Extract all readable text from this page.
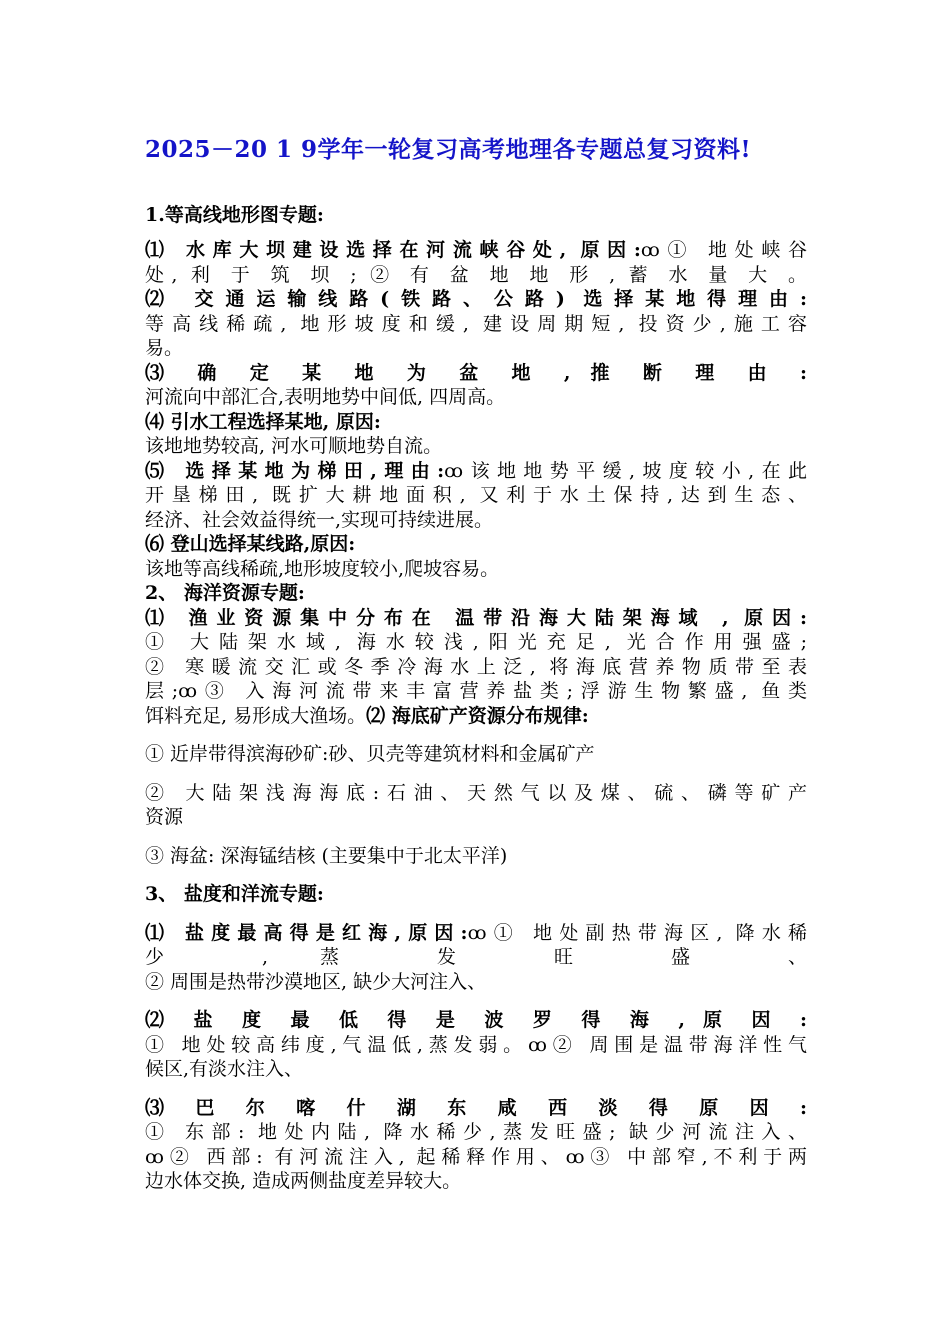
2025－20 1 9学年一轮复习高考地理各专题总复习资料!
1.等高线地形图专题:

⑴ 水库大坝建设选择在河流峡谷处, 原因:ꝏ① 地处峡谷

处, 利 于 筑 坝 ; ② 有 盆 地 地 形 , 蓄 水 量 大 。

⑵ 交通运输线路(铁路、公路) 选择某地得理由:

等高线稀疏, 地形坡度和缓, 建设周期短, 投资少,施工容

易。

⑶ 确 定 某 地 为 盆 地 , 推 断 理 由 :

河流向中部汇合,表明地势中间低, 四周高。

⑷ 引水工程选择某地, 原因:

该地地势较高, 河水可顺地势自流。

⑸ 选择某地为梯田,理由:ꝏ该地地势平缓,坡度较小,在此

开垦梯田, 既扩大耕地面积, 又利于水土保持,达到生态、

经济、社会效益得统一,实现可持续进展。

⑹ 登山选择某线路,原因:

该地等高线稀疏,地形坡度较小,爬坡容易。

2、 海洋资源专题:

⑴ 渔业资源集中分布在 温带沿海大陆架海域 , 原因:

① 大陆架水域, 海水较浅,阳光充足, 光合作用强盛;

② 寒暖流交汇或冬季冷海水上泛, 将海底营养物质带至表

层;ꝏ③ 入海河流带来丰富营养盐类;浮游生物繁盛, 鱼类

饵料充足, 易形成大渔场。⑵ 海底矿产资源分布规律:

① 近岸带得滨海砂矿:砂、贝壳等建筑材料和金属矿产

② 大陆架浅海海底:石油、天然气以及煤、硫、磷等矿产

资源

③ 海盆: 深海锰结核 (主要集中于北太平洋)

3、 盐度和洋流专题:

⑴ 盐度最高得是红海,原因:ꝏ① 地处副热带海区, 降水稀

少 , 蒸 发 旺 盛 、

② 周围是热带沙漠地区, 缺少大河注入、

⑵ 盐 度 最 低 得 是 波 罗 得 海 , 原 因 :

① 地处较高纬度,气温低,蒸发弱。ꝏ② 周围是温带海洋性气

候区,有淡水注入、

⑶ 巴 尔 喀 什 湖 东 咸 西 淡 得 原 因 :

① 东部: 地处内陆, 降水稀少,蒸发旺盛; 缺少河流注入、

ꝏ② 西部: 有河流注入, 起稀释作用、ꝏ③ 中部窄,不利于两

边水体交换, 造成两侧盐度差异较大。
